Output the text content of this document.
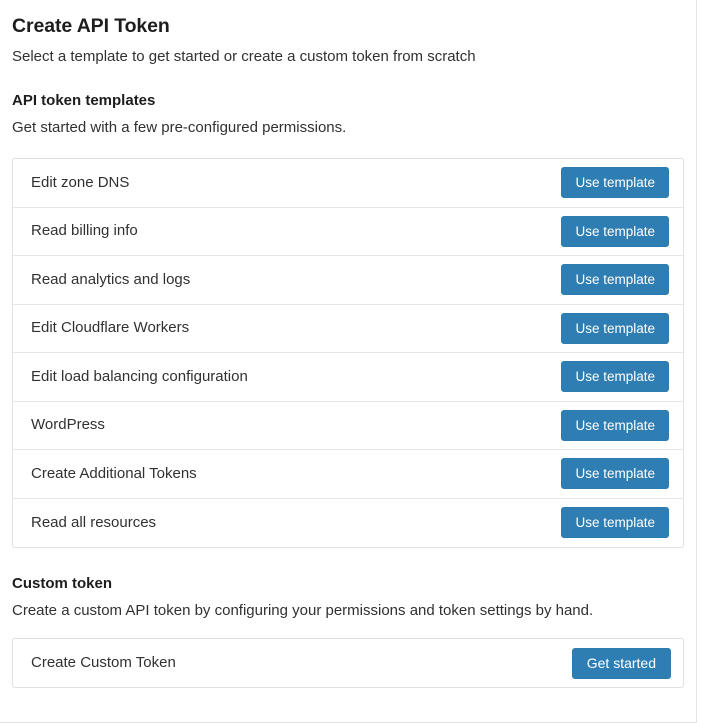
Create API Token
Select a template to get started or create a custom token from scratch
API token templates
Get started with a few pre-configured permissions.
Edit zone DNS	Use template
Read billing info	Use template
Read analytics and logs	Use template
Edit Cloudflare Workers	Use template
Edit load balancing configuration	Use template
WordPress	Use template
Create Additional Tokens	Use template
Read all resources	Use template
Custom token
Create a custom API token by configuring your permissions and token settings by hand.
Create Custom Token	Get started
